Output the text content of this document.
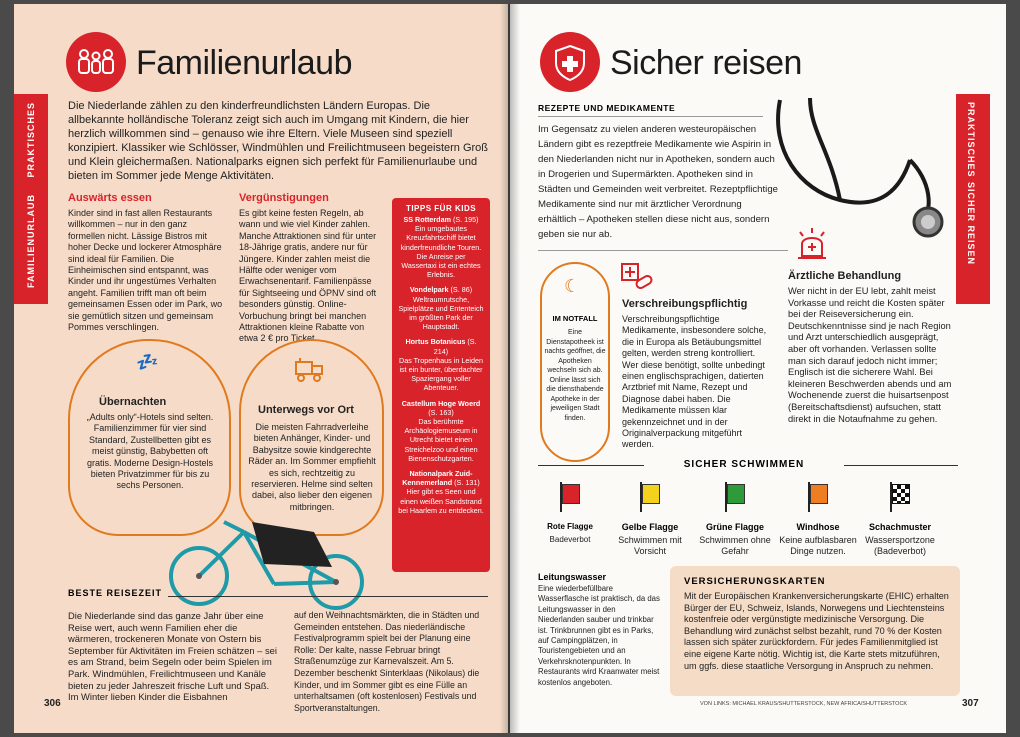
PRAKTISCHES
FAMILIENURLAUB
Familienurlaub
Die Niederlande zählen zu den kinderfreundlichsten Ländern Europas. Die allbekannte holländische Toleranz zeigt sich auch im Umgang mit Kindern, die hier herzlich willkommen sind – genauso wie ihre Eltern. Viele Museen sind speziell konzipiert. Klassiker wie Schlösser, Windmühlen und Freilichtmuseen begeistern Groß und Klein gleichermaßen. Nationalparks eignen sich perfekt für Familienurlaube und bieten im Sommer jede Menge Aktivitäten.
Auswärts essen
Kinder sind in fast allen Restaurants willkommen – nur in den ganz formellen nicht. Lässige Bistros mit hoher Decke und lockerer Atmosphäre sind ideal für Familien. Die Einheimischen sind entspannt, was Kinder und ihr ungestümes Verhalten angeht. Familien trifft man oft beim gemeinsamen Essen oder im Park, wo sie gemütlich sitzen und gemeinsam Pommes verschlingen.
Vergünstigungen
Es gibt keine festen Regeln, ab wann und wie viel Kinder zahlen. Manche Attraktionen sind für unter 18-Jährige gratis, andere nur für Jüngere. Kinder zahlen meist die Hälfte oder weniger vom Erwachsenentarif. Familienpässe für Sightseeing und ÖPNV sind oft besonders günstig. Online-Vorbuchung bringt bei manchen Attraktionen kleine Rabatte von etwa 2 € pro Ticket.
TIPPS FÜR KIDS
SS Rotterdam (S. 195)
Ein umgebautes Kreuzfahrtschiff bietet kinderfreundliche Touren. Die Anreise per Wassertaxi ist ein echtes Erlebnis.
Vondelpark (S. 86)
Weltraumrutsche, Spielplätze und Ententeich im größten Park der Hauptstadt.
Hortus Botanicus (S. 214)
Das Tropenhaus in Leiden ist ein bunter, überdachter Spaziergang voller Abenteuer.
Castellum Hoge Woerd (S. 163)
Das berühmte Archäologiemuseum in Utrecht bietet einen Streichelzoo und einen Bienenschutzgarten.
Nationalpark Zuid-Kennemerland (S. 131)
Hier gibt es Seen und einen weißen Sandstrand bei Haarlem zu entdecken.
💤
Übernachten
„Adults only“-Hotels sind selten. Familienzimmer für vier sind Standard, Zustellbetten gibt es meist günstig, Babybetten oft gratis. Moderne Design-Hostels bieten Privatzimmer für bis zu sechs Personen.
Unterwegs vor Ort
Die meisten Fahrradverleihe bieten Anhänger, Kinder- und Babysitze sowie kindgerechte Räder an. Im Sommer empfiehlt es sich, rechtzeitig zu reservieren. Helme sind selten dabei, also lieber den eigenen mitbringen.
BESTE REISEZEIT
Die Niederlande sind das ganze Jahr über eine Reise wert, auch wenn Familien eher die wärmeren, trockeneren Monate von Ostern bis September für Aktivitäten im Freien schätzen – sei es am Strand, beim Segeln oder beim Spielen im Park. Windmühlen, Freilichtmuseen und Kanäle bieten zu jeder Jahreszeit frische Luft und Spaß. Im Winter lieben Kinder die Eisbahnen
auf den Weihnachtsmärkten, die in Städten und Gemeinden entstehen. Das niederländische Festivalprogramm spielt bei der Planung eine Rolle: Der kalte, nasse Februar bringt Straßenumzüge zur Karnevalszeit. Am 5. Dezember beschenkt Sinterklaas (Nikolaus) die Kinder, und im Sommer gibt es eine Fülle an unterhaltsamen (oft kostenlosen) Festivals und Sportveranstaltungen.
306
PRAKTISCHES
SICHER REISEN
Sicher reisen
REZEPTE UND MEDIKAMENTE
Im Gegensatz zu vielen anderen westeuropäischen Ländern gibt es rezeptfreie Medikamente wie Aspirin in den Niederlanden nicht nur in Apotheken, sondern auch in Drogerien und Supermärkten. Apotheken sind in Städten und Gemeinden weit verbreitet. Rezeptpflichtige Medikamente sind nur mit ärztlicher Verordnung erhältlich – Apotheken stellen diese nicht aus, sondern geben sie nur ab.
☾
IM NOTFALL
Eine Dienstapotheek ist nachts geöffnet, die Apotheken wechseln sich ab. Online lässt sich die diensthabende Apotheke in der jeweiligen Stadt finden.
Verschreibungspflichtig
Verschreibungspflichtige Medikamente, insbesondere solche, die in Europa als Betäubungsmittel gelten, werden streng kontrolliert. Wer diese benötigt, sollte unbedingt einen englischsprachigen, datierten Arztbrief mit Name, Rezept und Diagnose dabei haben. Die Medikamente müssen klar gekennzeichnet und in der Originalverpackung mitgeführt werden.
Ärztliche Behandlung
Wer nicht in der EU lebt, zahlt meist Vorkasse und reicht die Kosten später bei der Reiseversicherung ein. Deutschkenntnisse sind je nach Region und Arzt unterschiedlich ausgeprägt, aber oft vorhanden. Verlassen sollte man sich darauf jedoch nicht immer; Englisch ist die sicherere Wahl. Bei kleineren Beschwerden abends und am Wochenende zuerst die huisartsenpost (Bereitschaftsdienst) aufsuchen, statt direkt in die Notaufnahme zu gehen.
SICHER SCHWIMMEN
Rote Flagge
Badeverbot
Gelbe Flagge
Schwimmen mit Vorsicht
Grüne Flagge
Schwimmen ohne Gefahr
Windhose
Keine aufblasbaren Dinge nutzen.
Schachmuster
Wassersportzone (Badeverbot)
Leitungswasser
Eine wiederbefüllbare Wasserflasche ist praktisch, da das Leitungswasser in den Niederlanden sauber und trinkbar ist. Trinkbrunnen gibt es in Parks, auf Campingplätzen, in Touristengebieten und an Verkehrsknotenpunkten. In Restaurants wird Kraanwater meist kostenlos angeboten.
VERSICHERUNGSKARTEN
Mit der Europäischen Krankenversicherungskarte (EHIC) erhalten Bürger der EU, Schweiz, Islands, Norwegens und Liechtensteins kostenfreie oder vergünstigte medizinische Versorgung. Die Behandlung wird zunächst selbst bezahlt, rund 70 % der Kosten lassen sich später zurückfordern. Für jedes Familienmitglied ist eine eigene Karte nötig. Wichtig ist, die Karte stets mitzuführen, um ggfs. diese staatliche Versorgung in Anspruch zu nehmen.
VON LINKS: MICHAEL KRAUS/SHUTTERSTOCK, NEW AFRICA/SHUTTERSTOCK	307
